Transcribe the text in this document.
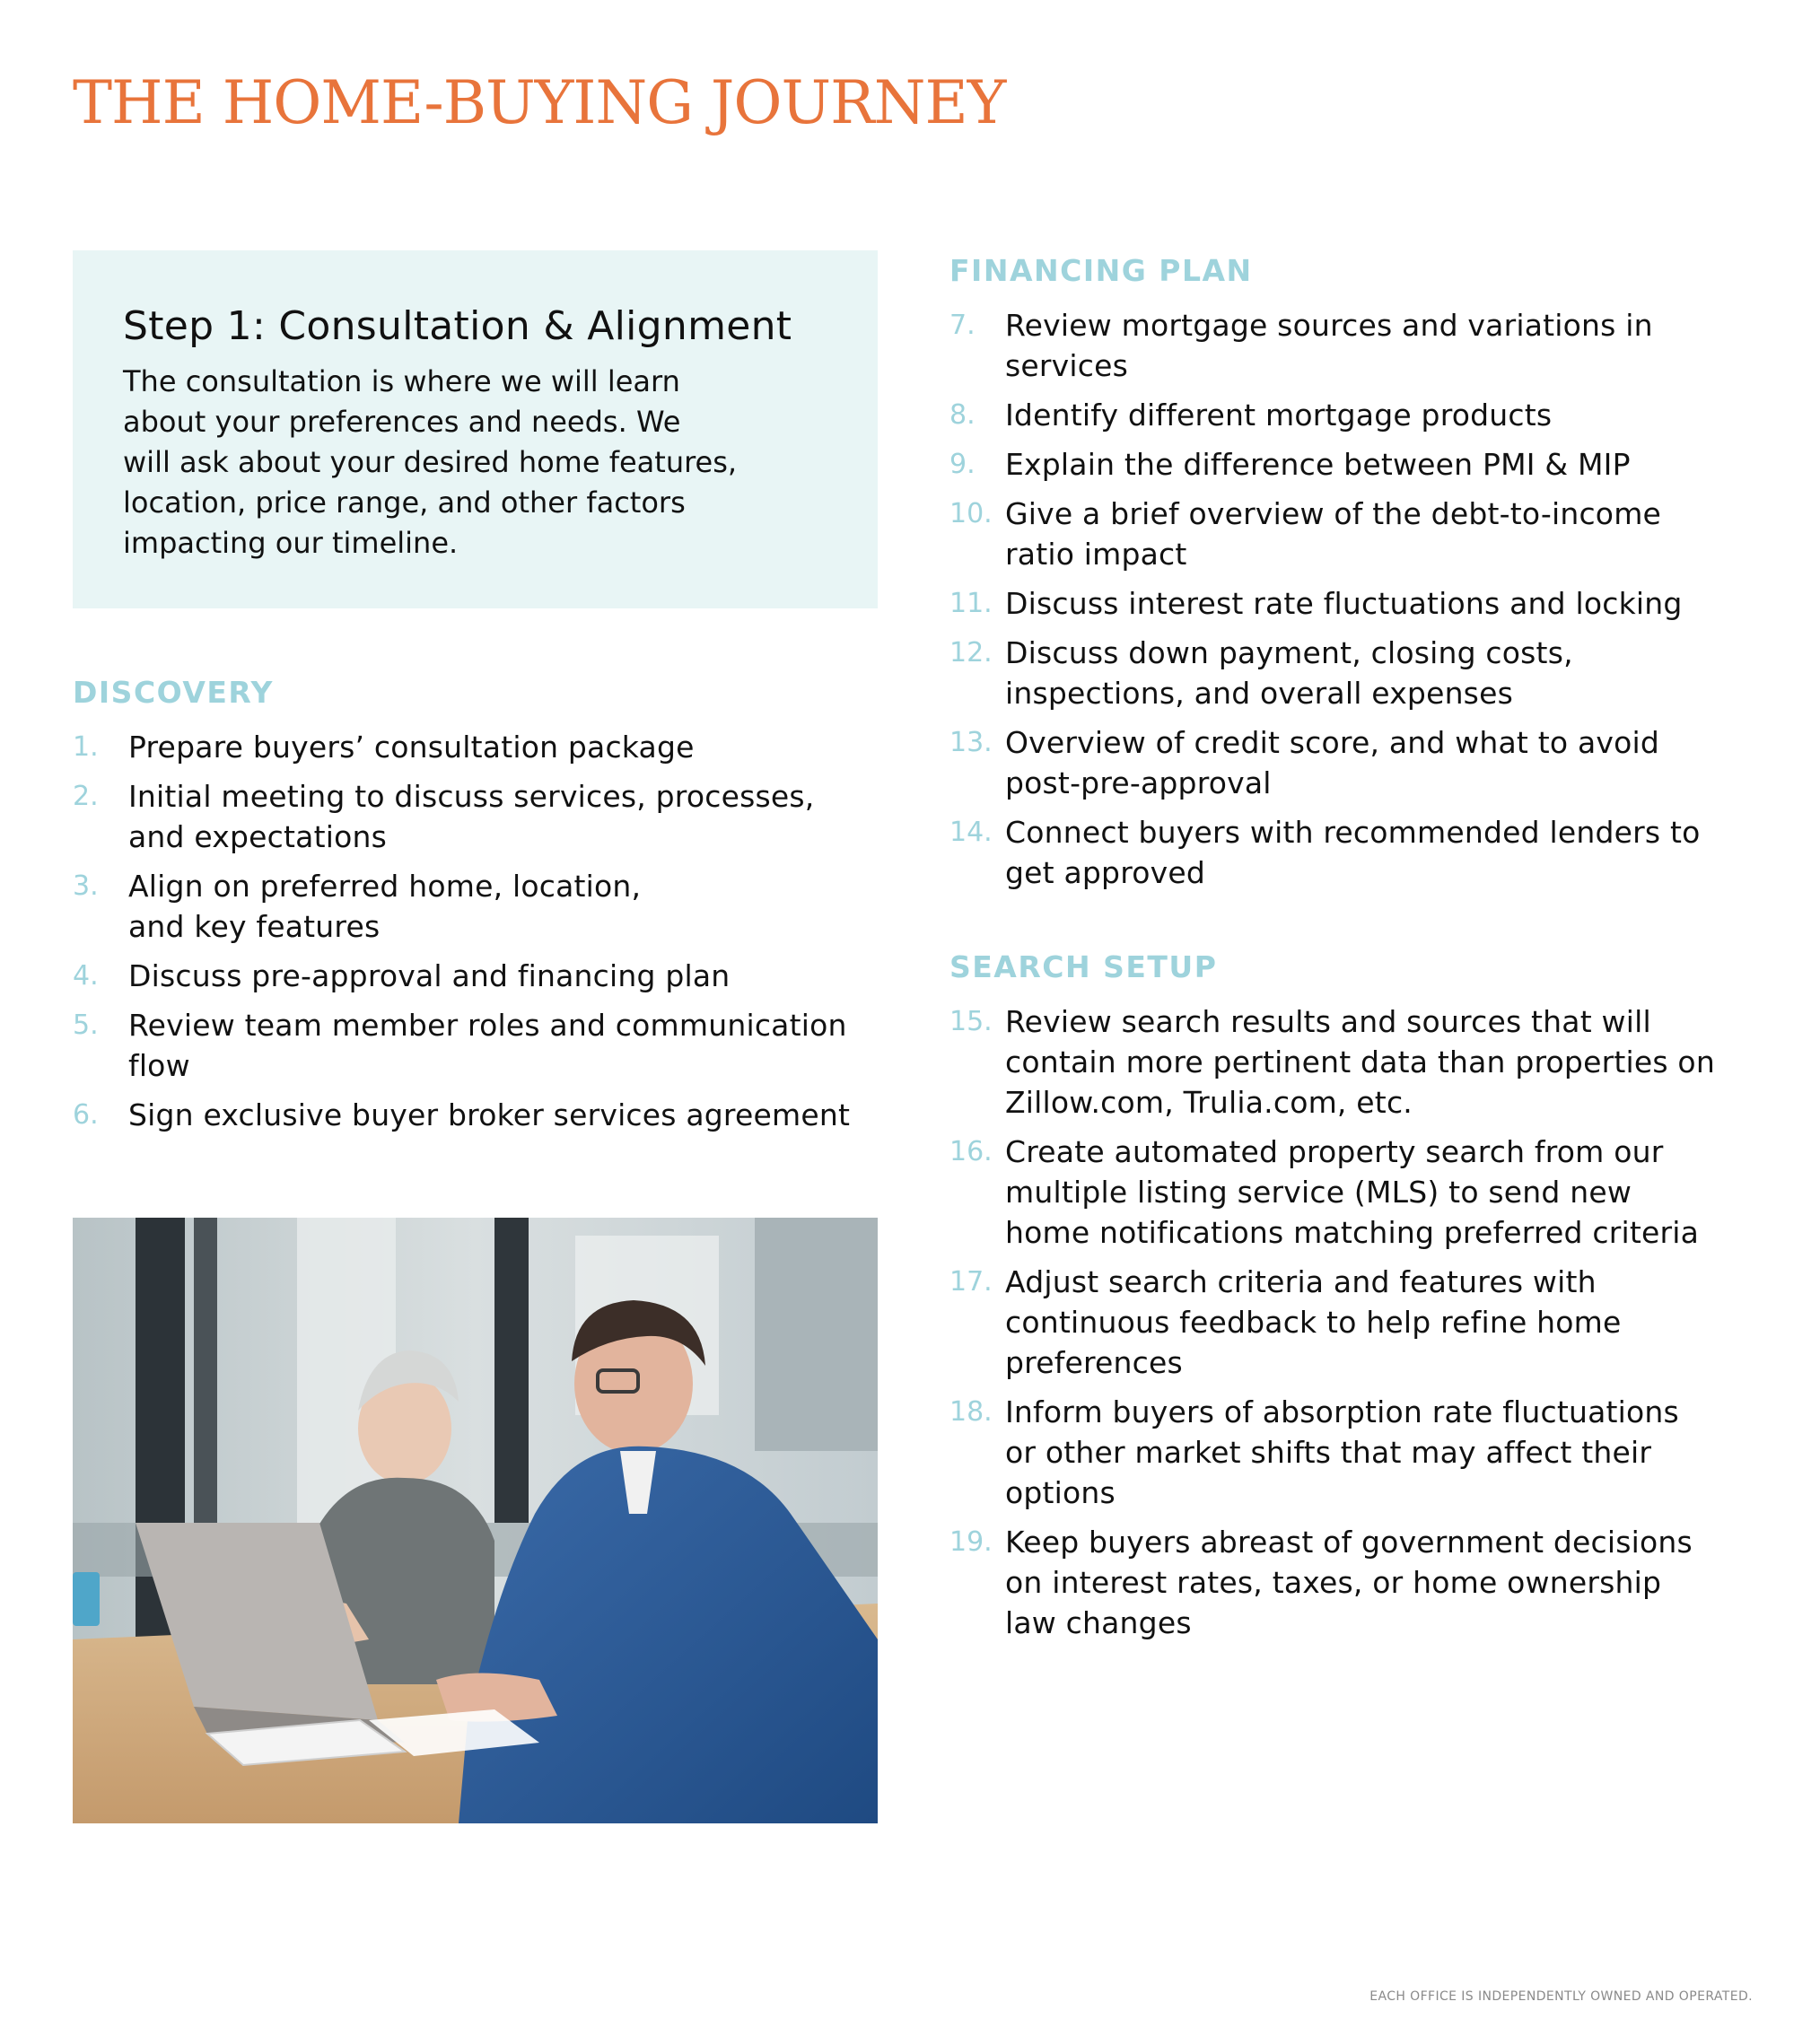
THE HOME-BUYING JOURNEY
Step 1: Consultation & Alignment

The consultation is where we will learn
about your preferences and needs. We
will ask about your desired home features,
location, price range, and other factors
impacting our timeline.

DISCOVERY
1.	Prepare buyers’ consultation package
2.	Initial meeting to discuss services, processes,
and expectations
3.	Align on preferred home, location,
and key features
4.	Discuss pre-approval and financing plan
5.	Review team member roles and communication
flow
6.	Sign exclusive buyer broker services agreement
FINANCING PLAN
7.	Review mortgage sources and variations in
services
8.	Identify different mortgage products
9.	Explain the difference between PMI & MIP
10. Give a brief overview of the debt-to-income
ratio impact
11. Discuss interest rate fluctuations and locking
12. Discuss down payment, closing costs,
inspections, and overall expenses
13. Overview of credit score, and what to avoid
post-pre-approval
14. Connect buyers with recommended lenders to
get approved
SEARCH SETUP
15. Review search results and sources that will
contain more pertinent data than properties on
Zillow.com, Trulia.com, etc.
16. Create automated property search from our
multiple listing service (MLS) to send new
home notifications matching preferred criteria
17. Adjust search criteria and features with
continuous feedback to help refine home
preferences
18. Inform buyers of absorption rate fluctuations
or other market shifts that may affect their
options
19. Keep buyers abreast of government decisions
on interest rates, taxes, or home ownership
law changes

EACH OFFICE IS INDEPENDENTLY OWNED AND OPERATED.
